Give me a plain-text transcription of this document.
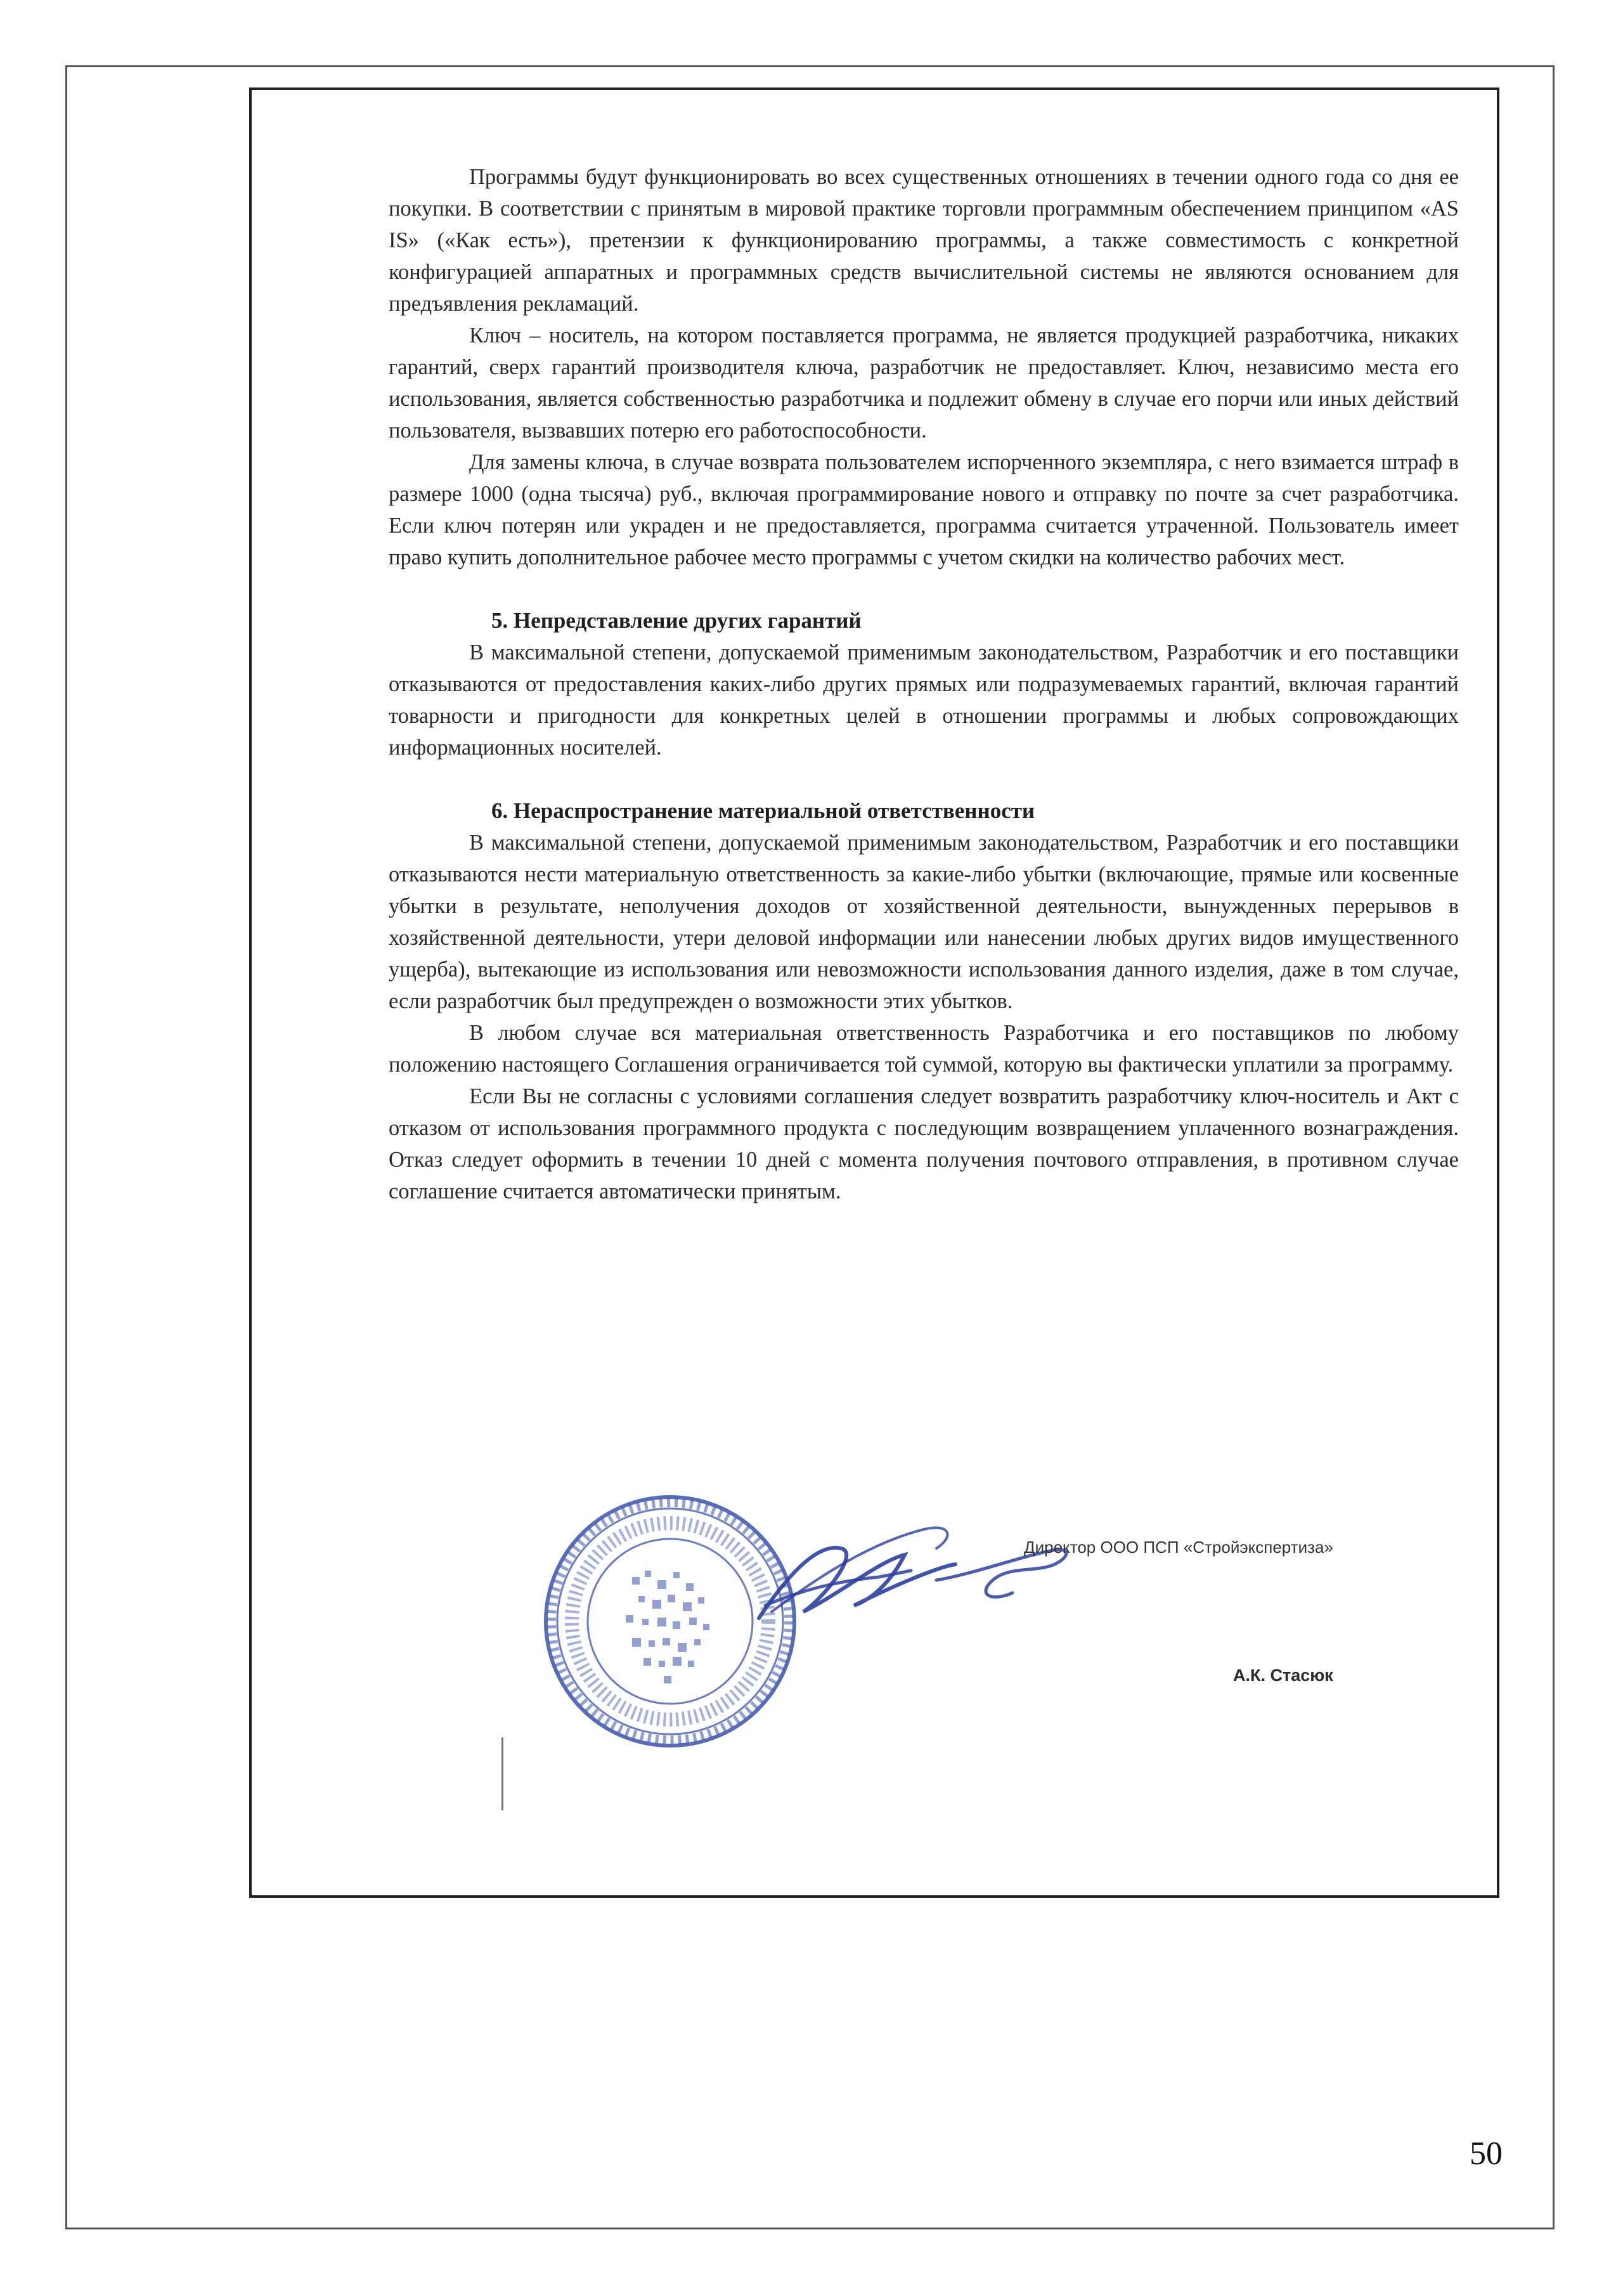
Программы будут функционировать во всех существенных отношениях в течении одного года со дня ее покупки. В соответствии с принятым в мировой практике торговли программным обеспечением принципом «AS IS» («Как есть»), претензии к функционированию программы, а также совместимость с конкретной конфигурацией аппаратных и программных средств вычислительной системы не являются основанием для предъявления рекламаций.

Ключ – носитель, на котором поставляется программа, не является продукцией разработчика, никаких гарантий, сверх гарантий производителя ключа, разработчик не предоставляет. Ключ, независимо места его использования, является собственностью разработчика и подлежит обмену в случае его порчи или иных действий пользователя, вызвавших потерю его работоспособности.

Для замены ключа, в случае возврата пользователем испорченного экземпляра, с него взимается штраф в размере 1000 (одна тысяча) руб., включая программирование нового и отправку по почте за счет разработчика. Если ключ потерян или украден и не предоставляется, программа считается утраченной. Пользователь имеет право купить дополнительное рабочее место программы с учетом скидки на количество рабочих мест.

5. Непредставление других гарантий

В максимальной степени, допускаемой применимым законодательством, Разработчик и его поставщики отказываются от предоставления каких-либо других прямых или подразумеваемых гарантий, включая гарантий товарности и пригодности для конкретных целей в отношении программы и любых сопровождающих информационных носителей.

6. Нераспространение материальной ответственности

В максимальной степени, допускаемой применимым законодательством, Разработчик и его поставщики отказываются нести материальную ответственность за какие-либо убытки (включающие, прямые или косвенные убытки в результате, неполучения доходов от хозяйственной деятельности, вынужденных перерывов в хозяйственной деятельности, утери деловой информации или нанесении любых других видов имущественного ущерба), вытекающие из использования или невозможности использования данного изделия, даже в том случае, если разработчик был предупрежден о возможности этих убытков.

В любом случае вся материальная ответственность Разработчика и его поставщиков по любому положению настоящего Соглашения ограничивается той суммой, которую вы фактически уплатили за программу.

Если Вы не согласны с условиями соглашения следует возвратить разработчику ключ-носитель и Акт с отказом от использования программного продукта с последующим возвращением уплаченного вознаграждения. Отказ следует оформить в течении 10 дней с момента получения почтового отправления, в противном случае соглашение считается автоматически принятым.

Директор ООО ПСП «Стройэкспертиза»
А.К. Стасюк
50
